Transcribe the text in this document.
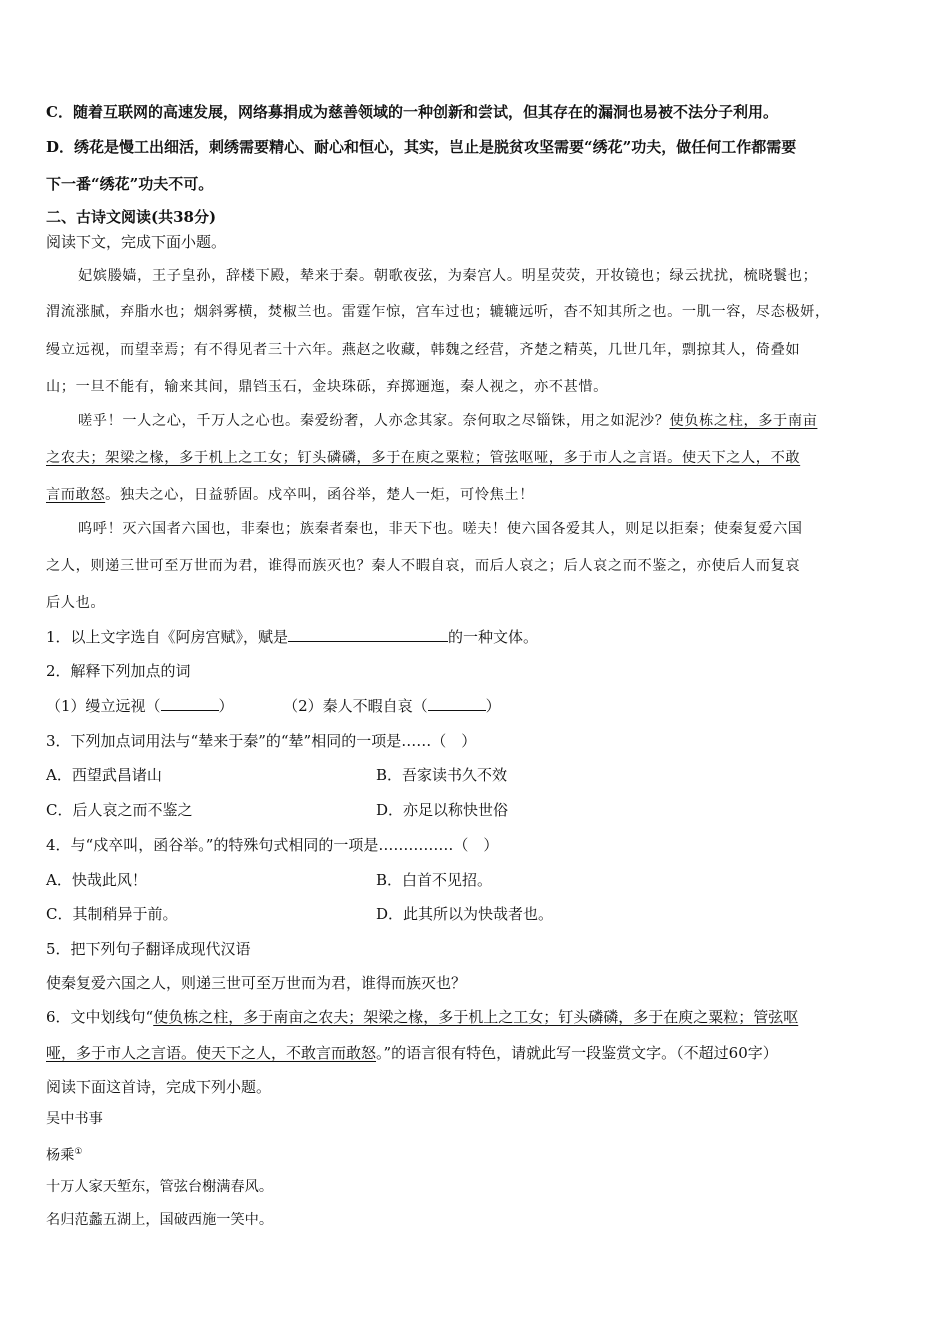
C．随着互联网的高速发展，网络募捐成为慈善领域的一种创新和尝试，但其存在的漏洞也易被不法分子利用。
D．绣花是慢工出细活，刺绣需要精心、耐心和恒心，其实，岂止是脱贫攻坚需要“绣花”功夫，做任何工作都需要
下一番“绣花”功夫不可。
二、古诗文阅读(共38分)
阅读下文，完成下面小题。
妃嫔媵嫱，王子皇孙，辞楼下殿，辇来于秦。朝歌夜弦，为秦宫人。明星荧荧，开妆镜也；绿云扰扰，梳晓鬟也；
渭流涨腻，弃脂水也；烟斜雾横，焚椒兰也。雷霆乍惊，宫车过也；辘辘远听，杳不知其所之也。一肌一容，尽态极妍，
缦立远视，而望幸焉；有不得见者三十六年。燕赵之收藏，韩魏之经营，齐楚之精英，几世几年，剽掠其人，倚叠如
山；一旦不能有，输来其间，鼎铛玉石，金块珠砾，弃掷逦迤，秦人视之，亦不甚惜。
嗟乎！一人之心，千万人之心也。秦爱纷奢，人亦念其家。奈何取之尽锱铢，用之如泥沙？使负栋之柱，多于南亩
之农夫；架梁之椽，多于机上之工女；钉头磷磷，多于在庾之粟粒；管弦呕哑，多于市人之言语。使天下之人，不敢
言而敢怒。独夫之心，日益骄固。戍卒叫，函谷举，楚人一炬，可怜焦土！
呜呼！灭六国者六国也，非秦也；族秦者秦也，非天下也。嗟夫！使六国各爱其人，则足以拒秦；使秦复爱六国
之人，则递三世可至万世而为君，谁得而族灭也？秦人不暇自哀，而后人哀之；后人哀之而不鉴之，亦使后人而复哀
后人也。
1．以上文字选自《阿房宫赋》，赋是	的一种文体。
2．解释下列加点的词
（1）缦立远视（	）	（2）秦人不暇自哀（	）
3．下列加点词用法与“辇来于秦”的“辇”相同的一项是……（　）
A．西望武昌诸山	B．吾家读书久不效
C．后人哀之而不鉴之	D．亦足以称快世俗
4．与“戍卒叫，函谷举。”的特殊句式相同的一项是……………（　）
A．快哉此风！	B．白首不见招。
C．其制稍异于前。	D．此其所以为快哉者也。
5．把下列句子翻译成现代汉语
使秦复爱六国之人，则递三世可至万世而为君，谁得而族灭也？
6．文中划线句“使负栋之柱，多于南亩之农夫；架梁之椽，多于机上之工女；钉头磷磷，多于在庾之粟粒；管弦呕
哑，多于市人之言语。使天下之人，不敢言而敢怒。”的语言很有特色，请就此写一段鉴赏文字。（不超过60字）
阅读下面这首诗，完成下列小题。
吴中书事
杨乘①
十万人家天堑东，管弦台榭满春风。
名归范蠡五湖上，国破西施一笑中。
